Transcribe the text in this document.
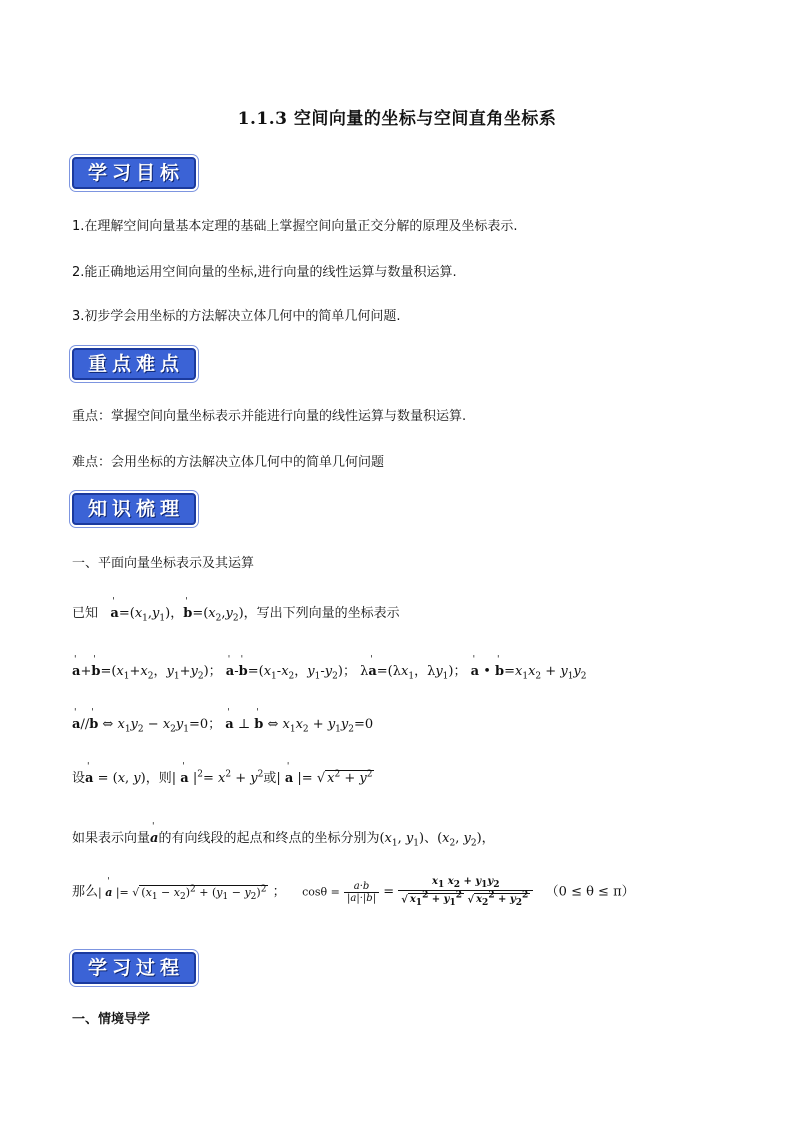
1.1.3 空间向量的坐标与空间直角坐标系
学习目标
1.在理解空间向量基本定理的基础上掌握空间向量正交分解的原理及坐标表示.
2.能正确地运用空间向量的坐标,进行向量的线性运算与数量积运算.
3.初步学会用坐标的方法解决立体几何中的简单几何问题.
重点难点
重点：掌握空间向量坐标表示并能进行向量的线性运算与数量积运算.
难点：会用坐标的方法解决立体几何中的简单几何问题
知识梳理
一、平面向量坐标表示及其运算
已知   ' $a=(x_1,y_1)$，' $b=(x_2,y_2)$，写出下列向量的坐标表示
' a+' $b=(x_1+x_2$，$y_1+y_2$)； ' a-' $b=(x_1-x_2$，$y_1-y_2$)； λ' $a=(\lambda x_1$，$\lambda y_1$)； ' a • ' $b=x_1x_2 + y_1y_2$
' a//' b ⇔ $x_1y_2 - x_2y_1=0$； ' a ⊥ ' b ⇔ $x_1x_2 + y_1y_2=0$
设' a = (x, y)，则| ' a $|^2= x^2 + y^2$或| ' a |= √ $x^2 + y^2$
如果表示向量' a的有向线段的起点和终点的坐标分别为($x_1$, $y_1$)、($x_2$, $y_2$)，
那么| ' a |= √ $(x_1 - x_2)^2 + (y_1 - y_2)^2$ ；    $\cos\theta = \frac{a\cdot b}{|a|\cdot|b|} = \frac{x_1 x_2 + y_1y_2}{√ x_1^2 + y_1^2 √ x_2^2 + y_2^2} (0 \le \theta \le \pi)$
学习过程
一、情境导学
